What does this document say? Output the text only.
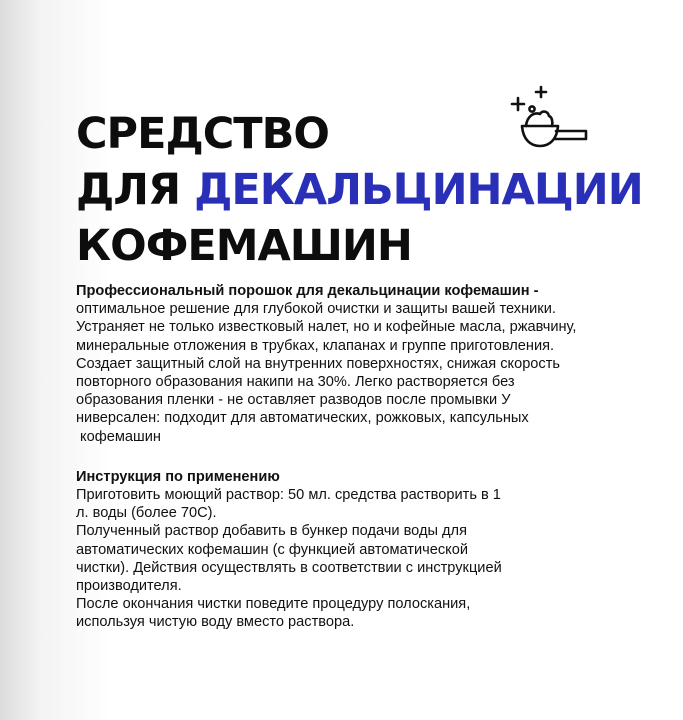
СРЕДСТВО
ДЛЯ ДЕКАЛЬЦИНАЦИИ
КОФЕМАШИН

Профессиональный порошок для декальцинации кофемашин -

оптимальное решение для глубокой очистки и защиты вашей техники.

Устраняет не только известковый налет, но и кофейные масла, ржавчину,

минеральные отложения в трубках, клапанах и группе приготовления.

Создает защитный слой на внутренних поверхностях, снижая скорость

повторного образования накипи на 30%. Легко растворяется без

образования пленки - не оставляет разводов после промывки У

ниверсален: подходит для автоматических, рожковых, капсульных

кофемашин

Инструкция по применению

Приготовить моющий раствор: 50 мл. средства растворить в 1

л. воды (более 70С).

Полученный раствор добавить в бункер подачи воды для

автоматических кофемашин (с функцией автоматической

чистки). Действия осуществлять в соответствии с инструкцией

производителя.

После окончания чистки поведите процедуру полоскания,

используя чистую воду вместо раствора.
